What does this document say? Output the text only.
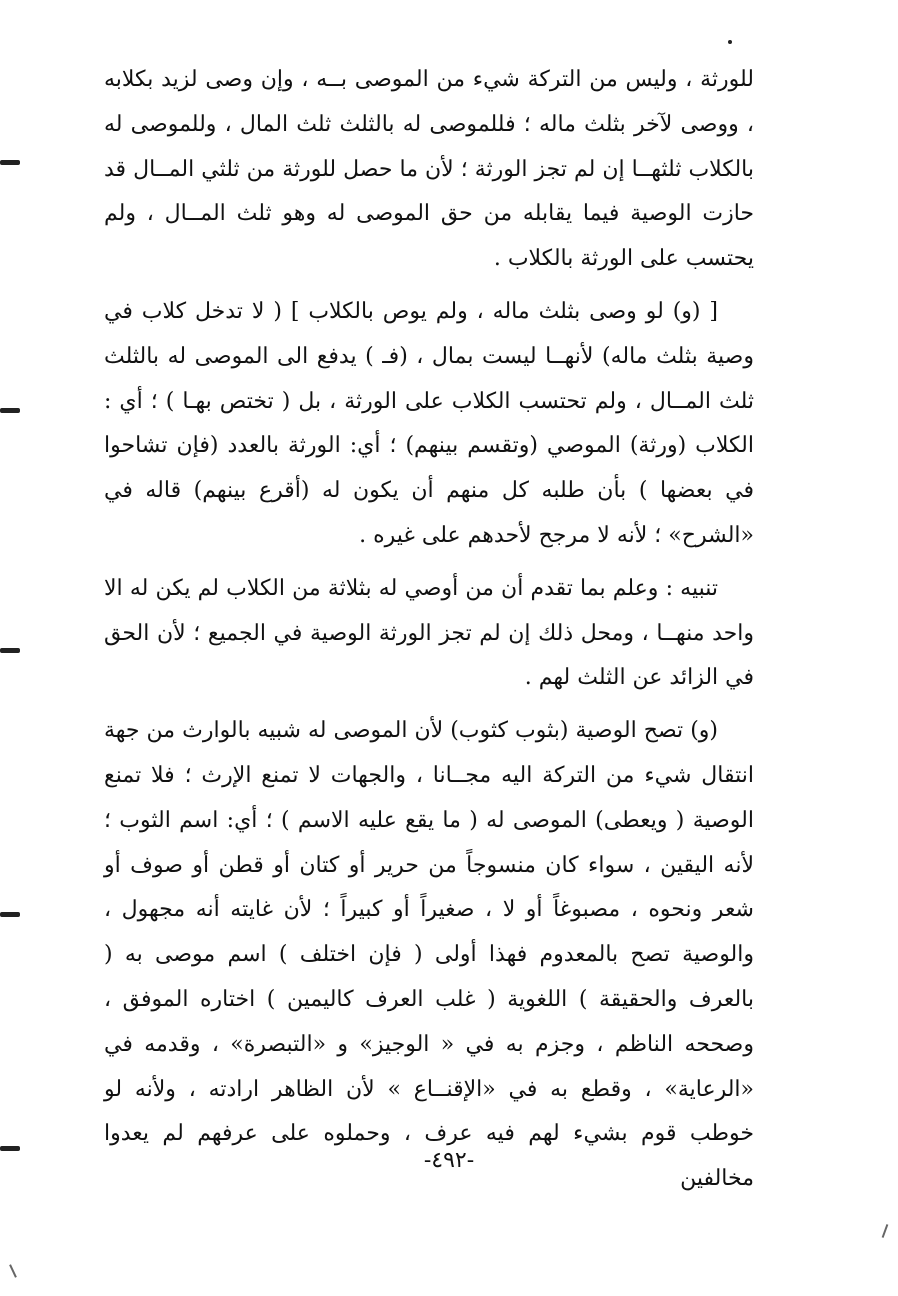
للورثة ، وليس من التركة شيء من الموصى بــه ، وإن وصى لزيد بكلابه ، ووصى لآخر بثلث ماله ؛ فللموصى له بالثلث ثلث المال ، وللموصى له بالكلاب ثلثهــا إن لم تجز الورثة ؛ لأن ما حصل للورثة من ثلثي المــال قد حازت الوصية فيما يقابله من حق الموصى له وهو ثلث المــال ، ولم يحتسب على الورثة بالكلاب .

[ (و) لو وصى بثلث ماله ، ولم يوص بالكلاب ] ( لا تدخل كلاب في وصية بثلث ماله) لأنهــا ليست بمال ، (فـ ) يدفع الى الموصى له بالثلث ثلث المــال ، ولم تحتسب الكلاب على الورثة ، بل ( تختص بهـا ) ؛ أي : الكلاب (ورثة) الموصي (وتقسم بينهم) ؛ أي: الورثة بالعدد (فإن تشاحوا في بعضها ) بأن طلبه كل منهم أن يكون له (أقرع بينهم) قاله في «الشرح» ؛ لأنه لا مرجح لأحدهم على غيره .

تنبيه : وعلم بما تقدم أن من أوصي له بثلاثة من الكلاب لم يكن له الا واحد منهــا ، ومحل ذلك إن لم تجز الورثة الوصية في الجميع ؛ لأن الحق في الزائد عن الثلث لهم .

(و) تصح الوصية (بثوب كثوب) لأن الموصى له شبيه بالوارث من جهة انتقال شيء من التركة اليه مجــانا ، والجهات لا تمنع الإرث ؛ فلا تمنع الوصية ( ويعطى) الموصى له ( ما يقع عليه الاسم ) ؛ أي: اسم الثوب ؛ لأنه اليقين ، سواء كان منسوجاً من حرير أو كتان أو قطن أو صوف أو شعر ونحوه ، مصبوغاً أو لا ، صغيراً أو كبيراً ؛ لأن غايته أنه مجهول ، والوصية تصح بالمعدوم فهذا أولى ( فإن اختلف ) اسم موصى به ( بالعرف والحقيقة ) اللغوية ( غلب العرف كاليمين ) اختاره الموفق ، وصححه الناظم ، وجزم به في « الوجيز» و «التبصرة» ، وقدمه في «الرعاية» ، وقطع به في «الإقنــاع » لأن الظاهر ارادته ، ولأنه لو خوطب قوم بشيء لهم فيه عرف ، وحملوه على عرفهم لم يعدوا مخالفين

-٤٩٢-
